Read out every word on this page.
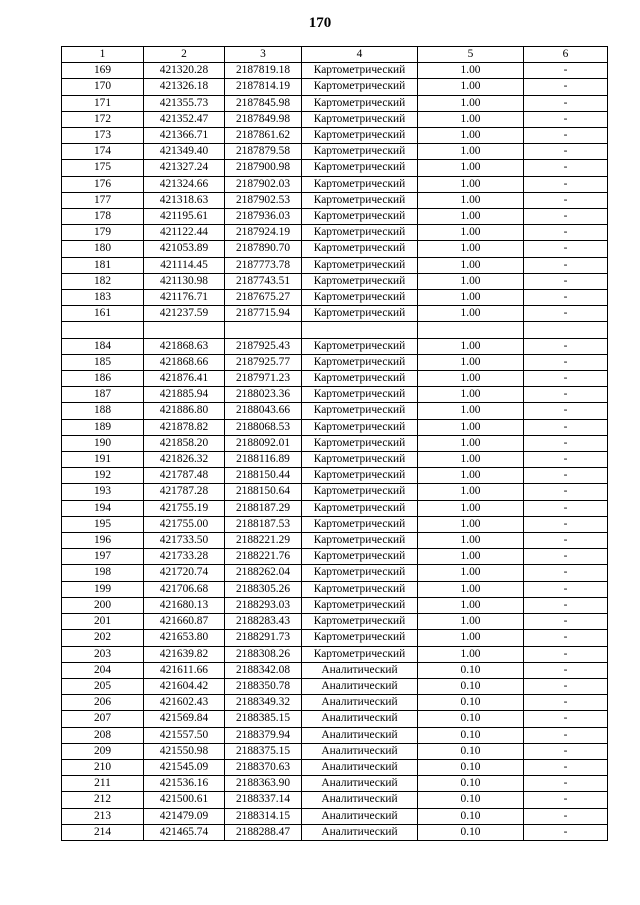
170
1	2	3	4	5	6
169	421320.28	2187819.18	Картометрический	1.00	-
170	421326.18	2187814.19	Картометрический	1.00	-
171	421355.73	2187845.98	Картометрический	1.00	-
172	421352.47	2187849.98	Картометрический	1.00	-
173	421366.71	2187861.62	Картометрический	1.00	-
174	421349.40	2187879.58	Картометрический	1.00	-
175	421327.24	2187900.98	Картометрический	1.00	-
176	421324.66	2187902.03	Картометрический	1.00	-
177	421318.63	2187902.53	Картометрический	1.00	-
178	421195.61	2187936.03	Картометрический	1.00	-
179	421122.44	2187924.19	Картометрический	1.00	-
180	421053.89	2187890.70	Картометрический	1.00	-
181	421114.45	2187773.78	Картометрический	1.00	-
182	421130.98	2187743.51	Картометрический	1.00	-
183	421176.71	2187675.27	Картометрический	1.00	-
161	421237.59	2187715.94	Картометрический	1.00	-

184	421868.63	2187925.43	Картометрический	1.00	-
185	421868.66	2187925.77	Картометрический	1.00	-
186	421876.41	2187971.23	Картометрический	1.00	-
187	421885.94	2188023.36	Картометрический	1.00	-
188	421886.80	2188043.66	Картометрический	1.00	-
189	421878.82	2188068.53	Картометрический	1.00	-
190	421858.20	2188092.01	Картометрический	1.00	-
191	421826.32	2188116.89	Картометрический	1.00	-
192	421787.48	2188150.44	Картометрический	1.00	-
193	421787.28	2188150.64	Картометрический	1.00	-
194	421755.19	2188187.29	Картометрический	1.00	-
195	421755.00	2188187.53	Картометрический	1.00	-
196	421733.50	2188221.29	Картометрический	1.00	-
197	421733.28	2188221.76	Картометрический	1.00	-
198	421720.74	2188262.04	Картометрический	1.00	-
199	421706.68	2188305.26	Картометрический	1.00	-
200	421680.13	2188293.03	Картометрический	1.00	-
201	421660.87	2188283.43	Картометрический	1.00	-
202	421653.80	2188291.73	Картометрический	1.00	-
203	421639.82	2188308.26	Картометрический	1.00	-
204	421611.66	2188342.08	Аналитический	0.10	-
205	421604.42	2188350.78	Аналитический	0.10	-
206	421602.43	2188349.32	Аналитический	0.10	-
207	421569.84	2188385.15	Аналитический	0.10	-
208	421557.50	2188379.94	Аналитический	0.10	-
209	421550.98	2188375.15	Аналитический	0.10	-
210	421545.09	2188370.63	Аналитический	0.10	-
211	421536.16	2188363.90	Аналитический	0.10	-
212	421500.61	2188337.14	Аналитический	0.10	-
213	421479.09	2188314.15	Аналитический	0.10	-
214	421465.74	2188288.47	Аналитический	0.10	-
